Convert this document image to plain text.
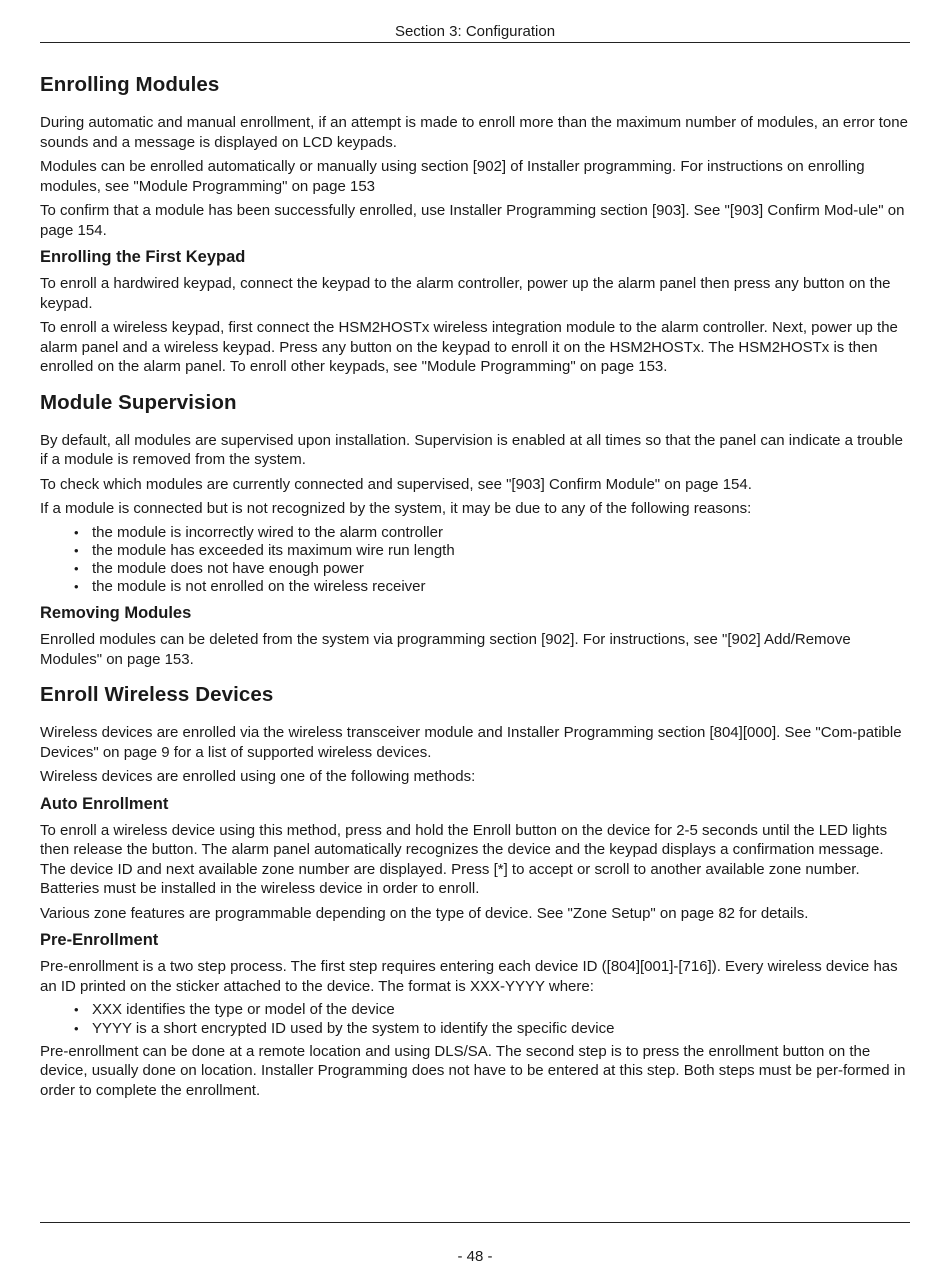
Section 3: Configuration
Enrolling Modules

During automatic and manual enrollment, if an attempt is made to enroll more than the maximum number of modules, an error tone sounds and a message is displayed on LCD keypads.

Modules can be enrolled automatically or manually using section [902] of Installer programming. For instructions on enrolling modules, see "Module Programming" on page 153

To confirm that a module has been successfully enrolled, use Installer Programming section [903]. See "[903] Confirm Mod-ule" on page 154.

Enrolling the First Keypad

To enroll a hardwired keypad, connect the keypad to the alarm controller, power up the alarm panel then press any button on the keypad.

To enroll a wireless keypad, first connect the HSM2HOSTx wireless integration module to the alarm controller. Next, power up the alarm panel and a wireless keypad. Press any button on the keypad to enroll it on the HSM2HOSTx. The HSM2HOSTx is then enrolled on the alarm panel. To enroll other keypads, see "Module Programming" on page 153.

Module Supervision

By default, all modules are supervised upon installation. Supervision is enabled at all times so that the panel can indicate a trouble if a module is removed from the system.

To check which modules are currently connected and supervised, see "[903] Confirm Module" on page 154.

If a module is connected but is not recognized by the system, it may be due to any of the following reasons:

• the module is incorrectly wired to the alarm controller
• the module has exceeded its maximum wire run length
• the module does not have enough power
• the module is not enrolled on the wireless receiver
Removing Modules

Enrolled modules can be deleted from the system via programming section [902]. For instructions, see "[902] Add/Remove Modules" on page 153.

Enroll Wireless Devices

Wireless devices are enrolled via the wireless transceiver module and Installer Programming section [804][000]. See "Com-patible Devices" on page 9 for a list of supported wireless devices.

Wireless devices are enrolled using one of the following methods:

Auto Enrollment

To enroll a wireless device using this method, press and hold the Enroll button on the device for 2-5 seconds until the LED lights then release the button. The alarm panel automatically recognizes the device and the keypad displays a confirmation message. The device ID and next available zone number are displayed. Press [*] to accept or scroll to another available zone number. Batteries must be installed in the wireless device in order to enroll.

Various zone features are programmable depending on the type of device. See "Zone Setup" on page 82 for details.

Pre-Enrollment

Pre-enrollment is a two step process. The first step requires entering each device ID ([804][001]-[716]). Every wireless device has an ID printed on the sticker attached to the device. The format is XXX-YYYY where:

• XXX identifies the type or model of the device
• YYYY is a short encrypted ID used by the system to identify the specific device

Pre-enrollment can be done at a remote location and using DLS/SA. The second step is to press the enrollment button on the device, usually done on location. Installer Programming does not have to be entered at this step. Both steps must be per-formed in order to complete the enrollment.

- 48 -
